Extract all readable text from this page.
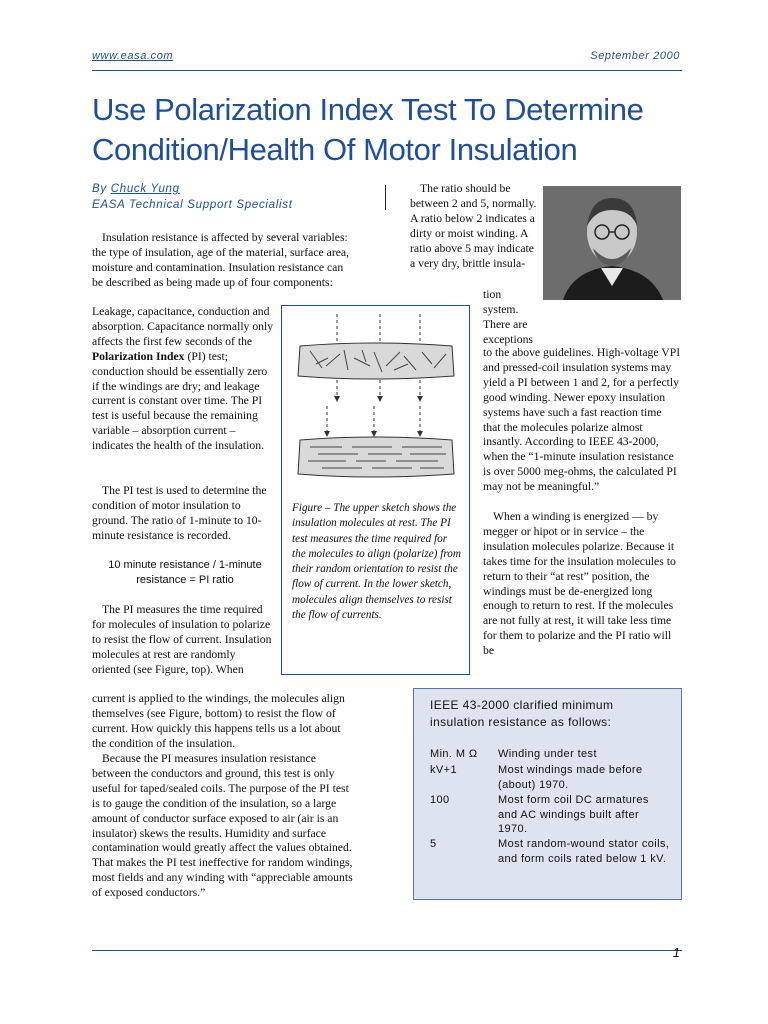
www.easa.com	September 2000
Use Polarization Index Test To Determine Condition/Health Of Motor Insulation
By Chuck Yung
EASA Technical Support Specialist

Insulation resistance is affected by several variables: the type of insulation, age of the material, surface area, moisture and contamination. Insulation resistance can be described as being made up of four components:

Leakage, capacitance, conduction and absorption. Capacitance normally only affects the first few seconds of the Polarization Index (PI) test; conduction should be essentially zero if the windings are dry; and leakage current is constant over time. The PI test is useful because the remaining variable – absorption current – indicates the health of the insulation.

The PI test is used to determine the condition of motor insulation to ground. The ratio of 1-minute to 10-minute resistance is recorded.

10 minute resistance / 1-minute resistance = PI ratio

The PI measures the time required for molecules of insulation to polarize to resist the flow of current. Insulation molecules at rest are randomly oriented (see Figure, top). When

current is applied to the windings, the molecules align themselves (see Figure, bottom) to resist the flow of current. How quickly this happens tells us a lot about the condition of the insulation.

Because the PI measures insulation resistance between the conductors and ground, this test is only useful for taped/sealed coils. The purpose of the PI test is to gauge the condition of the insulation, so a large amount of conductor surface exposed to air (air is an insulator) skews the results. Humidity and surface contamination would greatly affect the values obtained. That makes the PI test ineffective for random windings, most fields and any winding with “appreciable amounts of exposed conductors.”

Figure – The upper sketch shows the insulation molecules at rest. The PI test measures the time required for the molecules to align (polarize) from their random orientation to resist the flow of current. In the lower sketch, molecules align themselves to resist the flow of currents.

The ratio should be between 2 and 5, normally. A ratio below 2 indicates a dirty or moist winding. A ratio above 5 may indicate a very dry, brittle insula-

tion system. There are exceptions

to the above guidelines. High-voltage VPI and pressed-coil insulation systems may yield a PI between 1 and 2, for a perfectly good winding. Newer epoxy insulation systems have such a fast reaction time that the molecules polarize almost insantly. According to IEEE 43-2000, when the “1-minute insulation resistance is over 5000 meg-ohms, the calculated PI may not be meaningful.”

When a winding is energized — by megger or hipot or in service – the insulation molecules polarize. Because it takes time for the insulation molecules to return to their “at rest” position, the windings must be de-energized long enough to return to rest. If the molecules are not fully at rest, it will take less time for them to polarize and the PI ratio will be

IEEE 43-2000 clarified minimum insulation resistance as follows:
Min. M Ω Winding under test
kV+1	Most windings made before (about) 1970.
100	Most form coil DC armatures and AC windings built after 1970.
5	Most random-wound stator coils, and form coils rated below 1 kV.
1
